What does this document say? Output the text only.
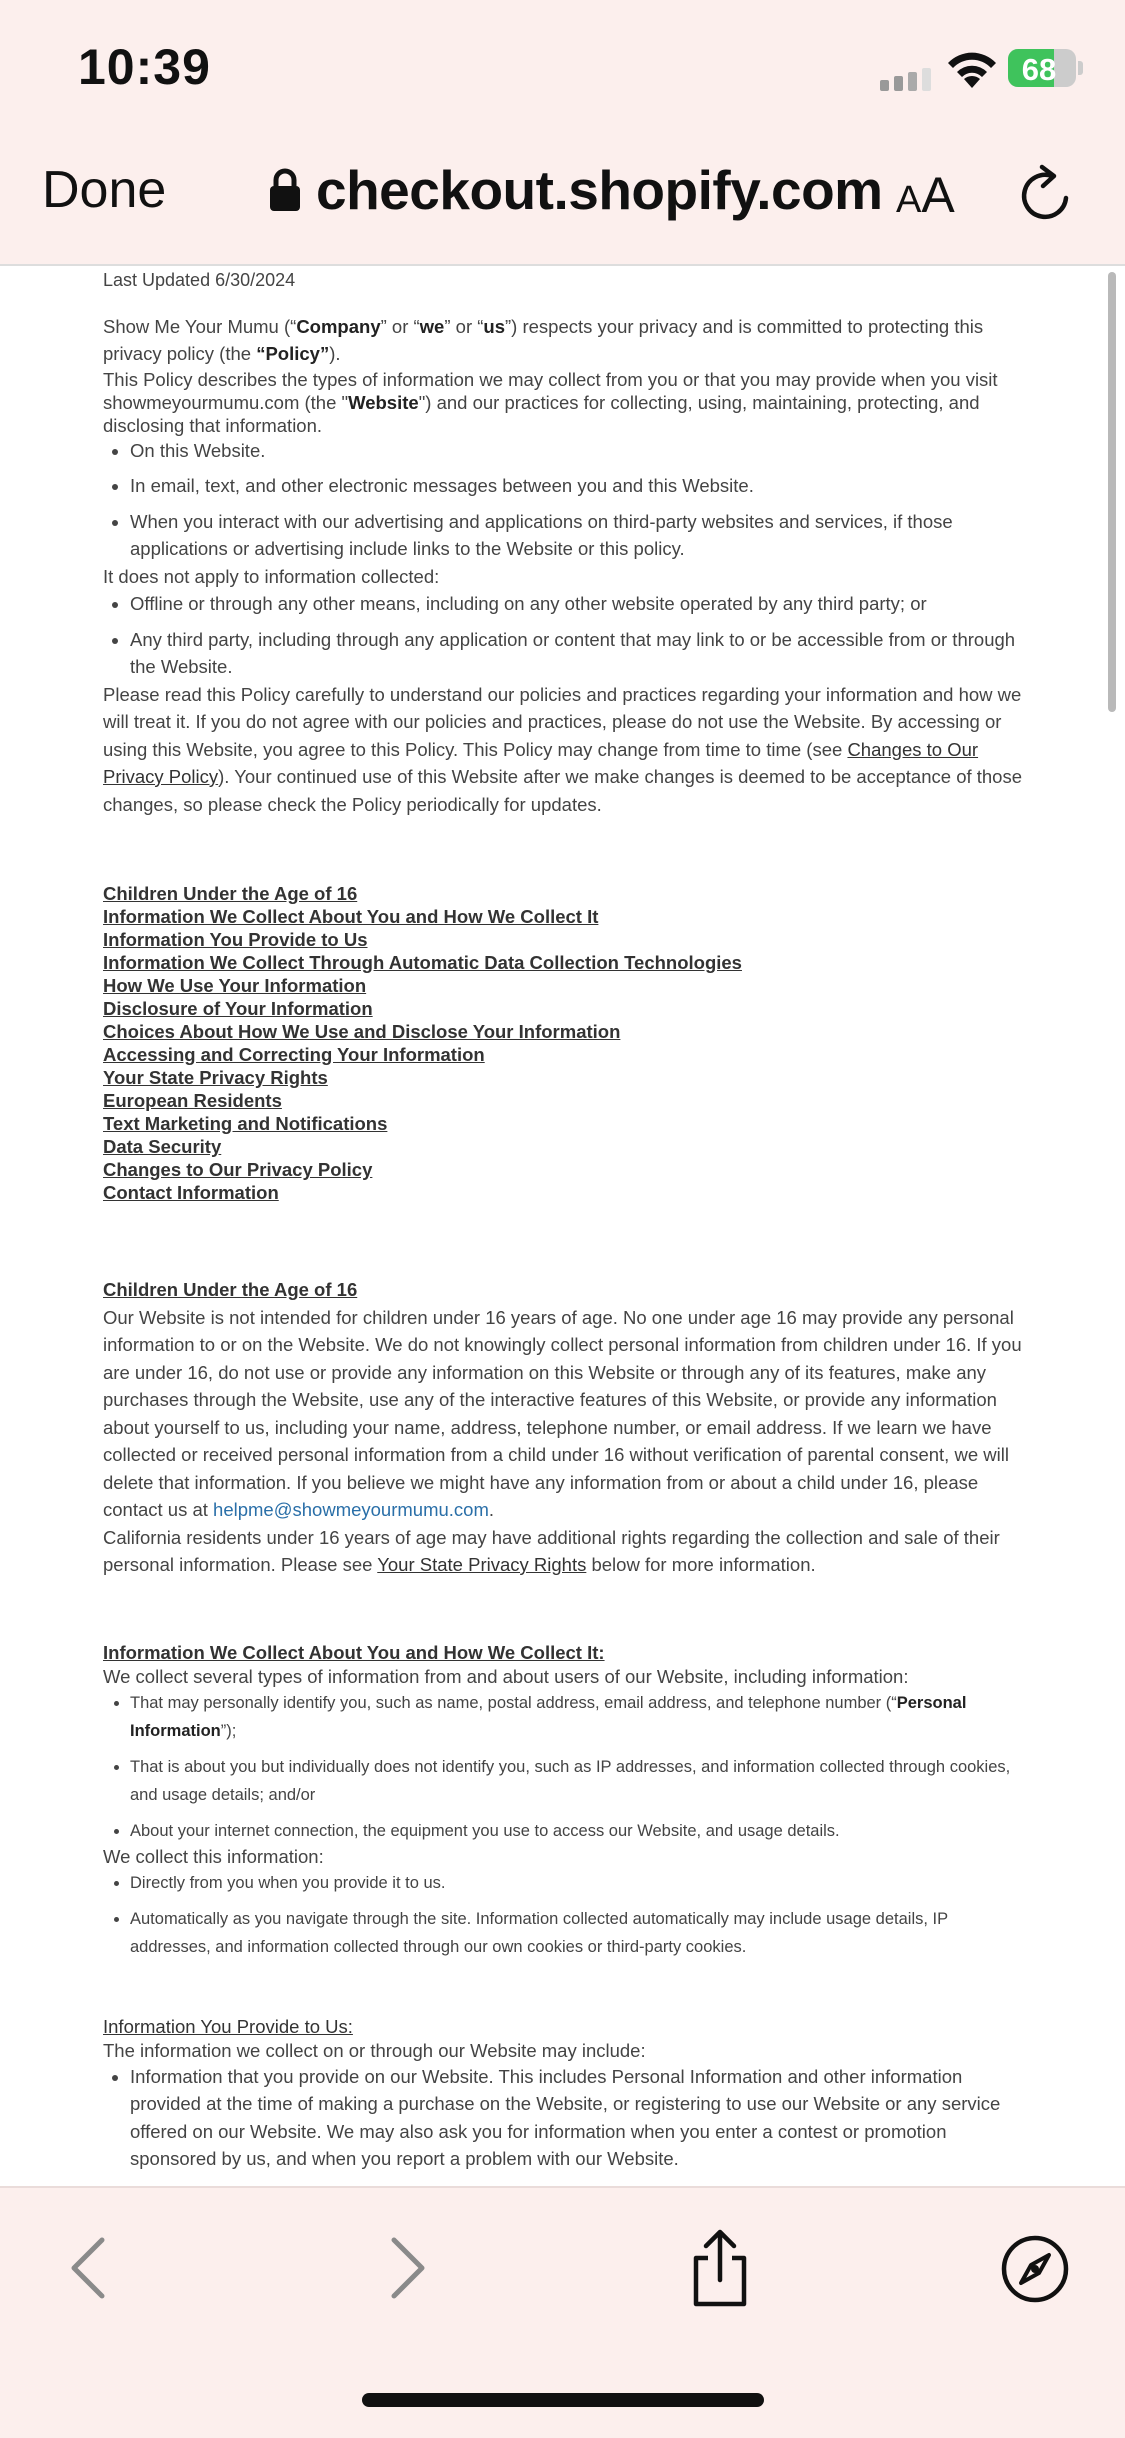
10:39	68
Done	checkout.shopify.com AA

Last Updated 6/30/2024

Show Me Your Mumu (“Company” or “we” or “us”) respects your privacy and is committed to protecting this privacy policy (the “Policy”).

This Policy describes the types of information we may collect from you or that you may provide when you visit showmeyourmumu.com (the "Website") and our practices for collecting, using, maintaining, protecting, and disclosing that information.

• On this Website.
• In email, text, and other electronic messages between you and this Website.
• When you interact with our advertising and applications on third-party websites and services, if those applications or advertising include links to the Website or this policy.

It does not apply to information collected:

• Offline or through any other means, including on any other website operated by any third party; or
• Any third party, including through any application or content that may link to or be accessible from or through the Website.

Please read this Policy carefully to understand our policies and practices regarding your information and how we will treat it. If you do not agree with our policies and practices, please do not use the Website. By accessing or using this Website, you agree to this Policy. This Policy may change from time to time (see Changes to Our Privacy Policy). Your continued use of this Website after we make changes is deemed to be acceptance of those changes, so please check the Policy periodically for updates.

Children Under the Age of 16
Information We Collect About You and How We Collect It
Information You Provide to Us
Information We Collect Through Automatic Data Collection Technologies
How We Use Your Information
Disclosure of Your Information
Choices About How We Use and Disclose Your Information
Accessing and Correcting Your Information
Your State Privacy Rights
European Residents
Text Marketing and Notifications
Data Security
Changes to Our Privacy Policy
Contact Information

Children Under the Age of 16

Our Website is not intended for children under 16 years of age. No one under age 16 may provide any personal information to or on the Website. We do not knowingly collect personal information from children under 16. If you are under 16, do not use or provide any information on this Website or through any of its features, make any purchases through the Website, use any of the interactive features of this Website, or provide any information about yourself to us, including your name, address, telephone number, or email address. If we learn we have collected or received personal information from a child under 16 without verification of parental consent, we will delete that information. If you believe we might have any information from or about a child under 16, please contact us at helpme@showmeyourmumu.com.

California residents under 16 years of age may have additional rights regarding the collection and sale of their personal information. Please see Your State Privacy Rights below for more information.

Information We Collect About You and How We Collect It:

We collect several types of information from and about users of our Website, including information:

• That may personally identify you, such as name, postal address, email address, and telephone number (“Personal Information”);
• That is about you but individually does not identify you, such as IP addresses, and information collected through cookies, and usage details; and/or
• About your internet connection, the equipment you use to access our Website, and usage details.

We collect this information:

• Directly from you when you provide it to us.
• Automatically as you navigate through the site. Information collected automatically may include usage details, IP addresses, and information collected through our own cookies or third-party cookies.

Information You Provide to Us:

The information we collect on or through our Website may include:

• Information that you provide on our Website. This includes Personal Information and other information provided at the time of making a purchase on the Website, or registering to use our Website or any service offered on our Website. We may also ask you for information when you enter a contest or promotion sponsored by us, and when you report a problem with our Website.
